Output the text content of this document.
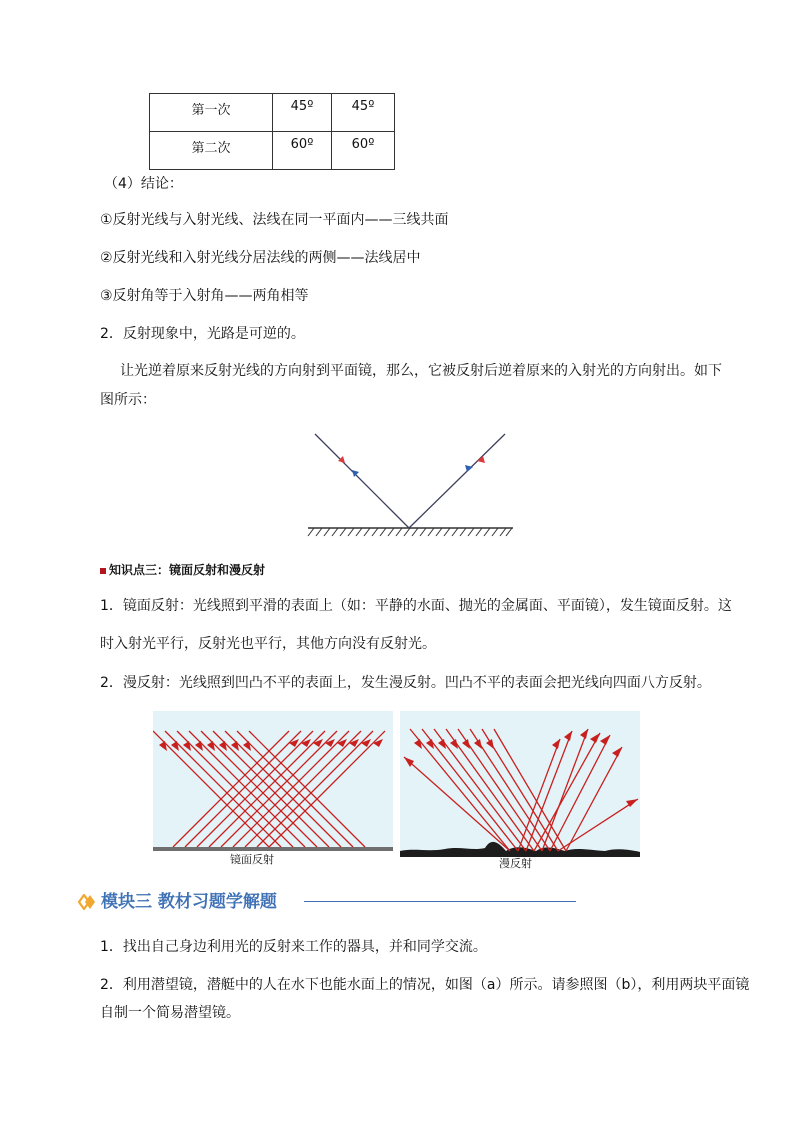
第一次	45º	45º

第二次	60º	60º
（4）结论：
①反射光线与入射光线、法线在同一平面内——三线共面
②反射光线和入射光线分居法线的两侧——法线居中
③反射角等于入射角——两角相等
2．反射现象中，光路是可逆的。
让光逆着原来反射光线的方向射到平面镜，那么，它被反射后逆着原来的入射光的方向射出。如下
图所示：
知识点三：镜面反射和漫反射
1．镜面反射：光线照到平滑的表面上（如：平静的水面、抛光的金属面、平面镜），发生镜面反射。这
时入射光平行，反射光也平行，其他方向没有反射光。
2．漫反射：光线照到凹凸不平的表面上，发生漫反射。凹凸不平的表面会把光线向四面八方反射。
镜面反射	漫反射
模块三 教材习题学解题
1．找出自己身边利用光的反射来工作的器具，并和同学交流。
2．利用潜望镜，潜艇中的人在水下也能水面上的情况，如图（a）所示。请参照图（b），利用两块平面镜
自制一个简易潜望镜。
